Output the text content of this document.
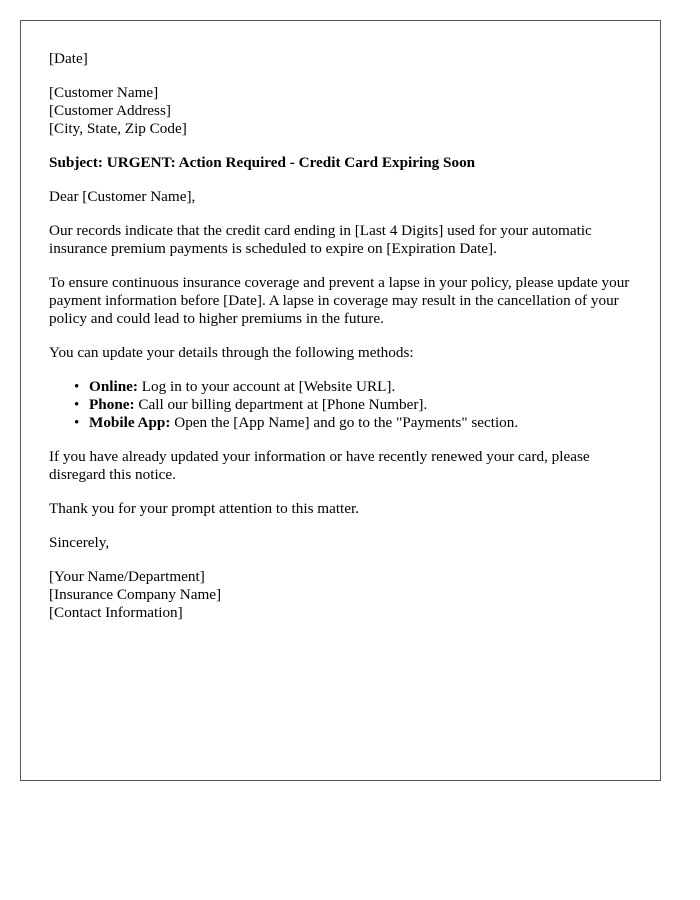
[Date]
[Customer Name]
[Customer Address]
[City, State, Zip Code]
Subject: URGENT: Action Required - Credit Card Expiring Soon
Dear [Customer Name],
Our records indicate that the credit card ending in [Last 4 Digits] used for your automatic insurance premium payments is scheduled to expire on [Expiration Date].
To ensure continuous insurance coverage and prevent a lapse in your policy, please update your payment information before [Date]. A lapse in coverage may result in the cancellation of your policy and could lead to higher premiums in the future.
You can update your details through the following methods:
• Online: Log in to your account at [Website URL].
• Phone: Call our billing department at [Phone Number].
• Mobile App: Open the [App Name] and go to the "Payments" section.
If you have already updated your information or have recently renewed your card, please disregard this notice.
Thank you for your prompt attention to this matter.
Sincerely,
[Your Name/Department]
[Insurance Company Name]
[Contact Information]
